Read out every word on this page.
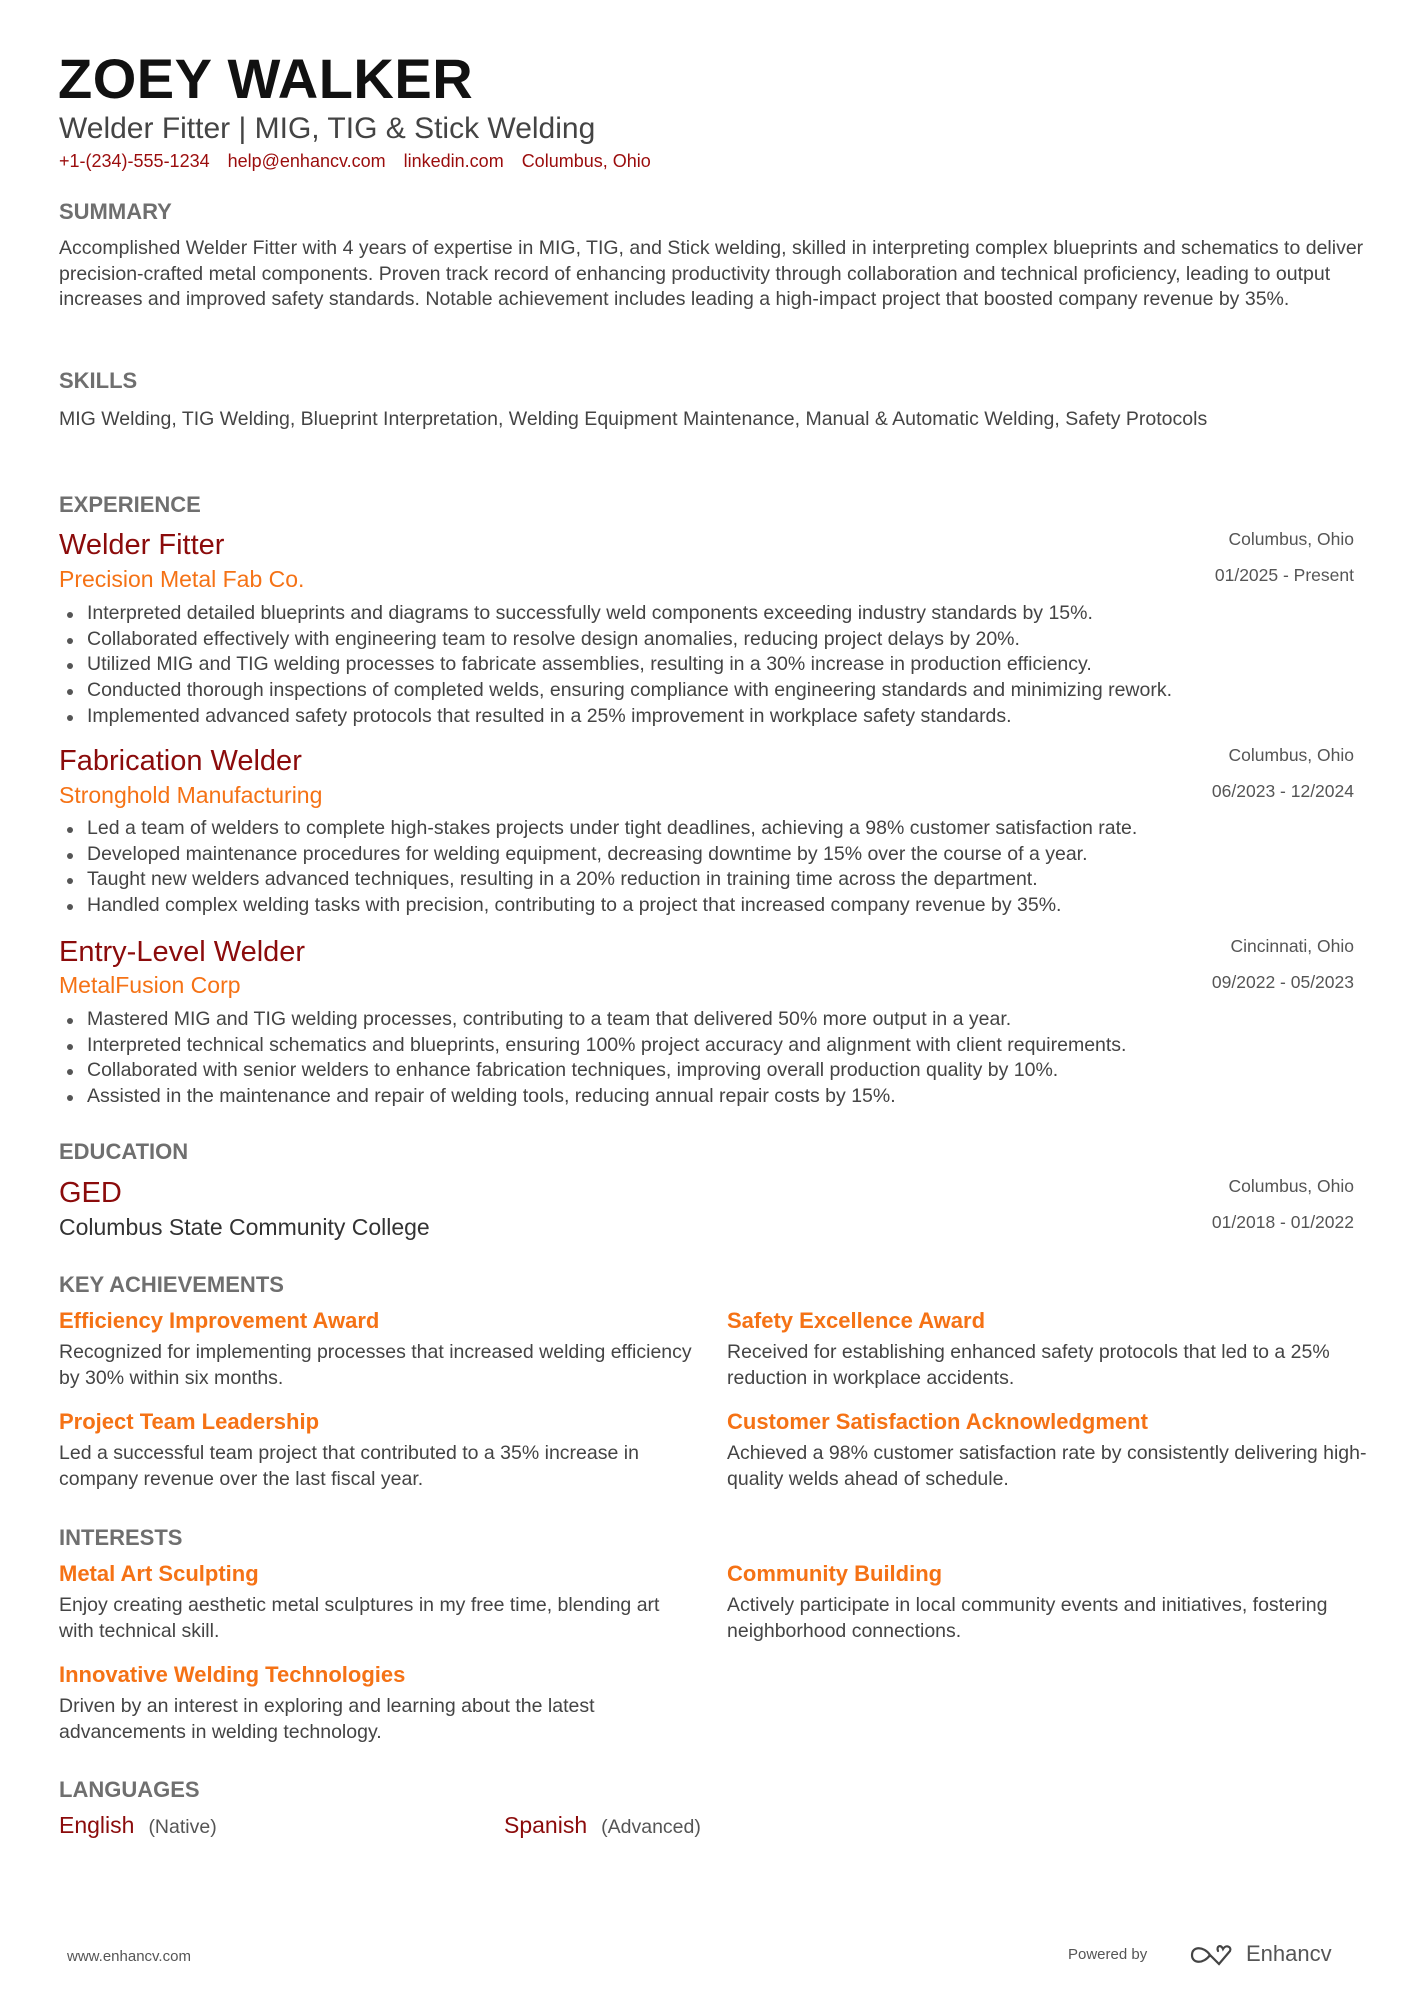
ZOEY WALKER
Welder Fitter | MIG, TIG & Stick Welding
+1-(234)-555-1234 help@enhancv.com linkedin.com Columbus, Ohio
SUMMARY
Accomplished Welder Fitter with 4 years of expertise in MIG, TIG, and Stick welding, skilled in interpreting complex blueprints and schematics to deliver precision-crafted metal components. Proven track record of enhancing productivity through collaboration and technical proficiency, leading to output increases and improved safety standards. Notable achievement includes leading a high-impact project that boosted company revenue by 35%.
SKILLS
MIG Welding, TIG Welding, Blueprint Interpretation, Welding Equipment Maintenance, Manual & Automatic Welding, Safety Protocols
EXPERIENCE
Welder Fitter
Precision Metal Fab Co.
Columbus, Ohio
01/2025 - Present
Interpreted detailed blueprints and diagrams to successfully weld components exceeding industry standards by 15%.
Collaborated effectively with engineering team to resolve design anomalies, reducing project delays by 20%.
Utilized MIG and TIG welding processes to fabricate assemblies, resulting in a 30% increase in production efficiency.
Conducted thorough inspections of completed welds, ensuring compliance with engineering standards and minimizing rework.
Implemented advanced safety protocols that resulted in a 25% improvement in workplace safety standards.
Fabrication Welder
Stronghold Manufacturing
Columbus, Ohio
06/2023 - 12/2024
Led a team of welders to complete high-stakes projects under tight deadlines, achieving a 98% customer satisfaction rate.
Developed maintenance procedures for welding equipment, decreasing downtime by 15% over the course of a year.
Taught new welders advanced techniques, resulting in a 20% reduction in training time across the department.
Handled complex welding tasks with precision, contributing to a project that increased company revenue by 35%.
Entry-Level Welder
MetalFusion Corp
Cincinnati, Ohio
09/2022 - 05/2023
Mastered MIG and TIG welding processes, contributing to a team that delivered 50% more output in a year.
Interpreted technical schematics and blueprints, ensuring 100% project accuracy and alignment with client requirements.
Collaborated with senior welders to enhance fabrication techniques, improving overall production quality by 10%.
Assisted in the maintenance and repair of welding tools, reducing annual repair costs by 15%.
EDUCATION
GED
Columbus State Community College
Columbus, Ohio
01/2018 - 01/2022
KEY ACHIEVEMENTS
Efficiency Improvement Award
Recognized for implementing processes that increased welding efficiency by 30% within six months.
Safety Excellence Award
Received for establishing enhanced safety protocols that led to a 25% reduction in workplace accidents.
Project Team Leadership
Led a successful team project that contributed to a 35% increase in company revenue over the last fiscal year.
Customer Satisfaction Acknowledgment
Achieved a 98% customer satisfaction rate by consistently delivering high-quality welds ahead of schedule.
INTERESTS
Metal Art Sculpting
Enjoy creating aesthetic metal sculptures in my free time, blending art with technical skill.
Community Building
Actively participate in local community events and initiatives, fostering neighborhood connections.
Innovative Welding Technologies
Driven by an interest in exploring and learning about the latest advancements in welding technology.
LANGUAGES
English (Native)	Spanish (Advanced)
www.enhancv.com	Powered by	Enhancv
